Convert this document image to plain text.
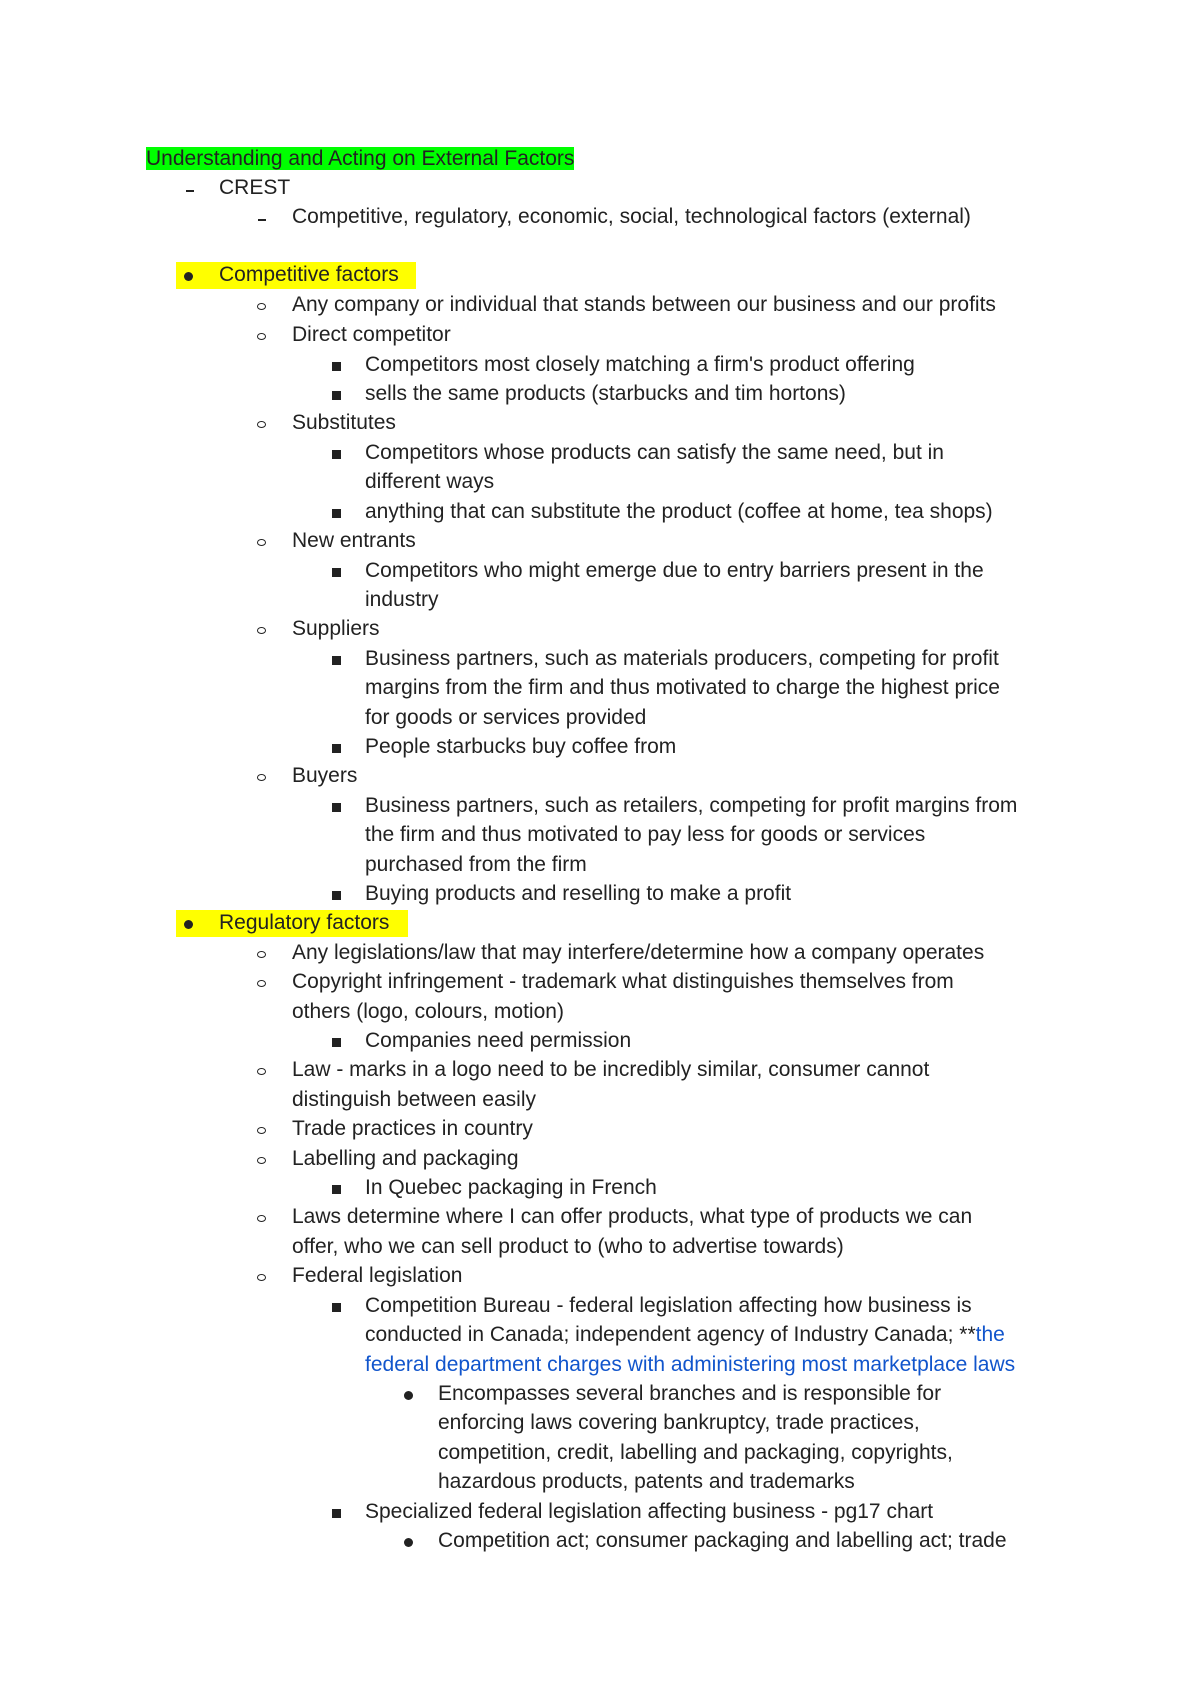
Understanding and Acting on External Factors
CREST
Competitive, regulatory, economic, social, technological factors (external)
Competitive factors
Any company or individual that stands between our business and our profits
Direct competitor
Competitors most closely matching a firm's product offering
sells the same products (starbucks and tim hortons)
Substitutes
Competitors whose products can satisfy the same need, but in
different ways
anything that can substitute the product (coffee at home, tea shops)
New entrants
Competitors who might emerge due to entry barriers present in the
industry
Suppliers
Business partners, such as materials producers, competing for profit
margins from the firm and thus motivated to charge the highest price
for goods or services provided
People starbucks buy coffee from
Buyers
Business partners, such as retailers, competing for profit margins from
the firm and thus motivated to pay less for goods or services
purchased from the firm
Buying products and reselling to make a profit
Regulatory factors
Any legislations/law that may interfere/determine how a company operates
Copyright infringement - trademark what distinguishes themselves from
others (logo, colours, motion)
Companies need permission
Law - marks in a logo need to be incredibly similar, consumer cannot
distinguish between easily
Trade practices in country
Labelling and packaging
In Quebec packaging in French
Laws determine where I can offer products, what type of products we can
offer, who we can sell product to (who to advertise towards)
Federal legislation
Competition Bureau - federal legislation affecting how business is
conducted in Canada; independent agency of Industry Canada; **the
federal department charges with administering most marketplace laws
Encompasses several branches and is responsible for
enforcing laws covering bankruptcy, trade practices,
competition, credit, labelling and packaging, copyrights,
hazardous products, patents and trademarks
Specialized federal legislation affecting business - pg17 chart
Competition act; consumer packaging and labelling act; trade
